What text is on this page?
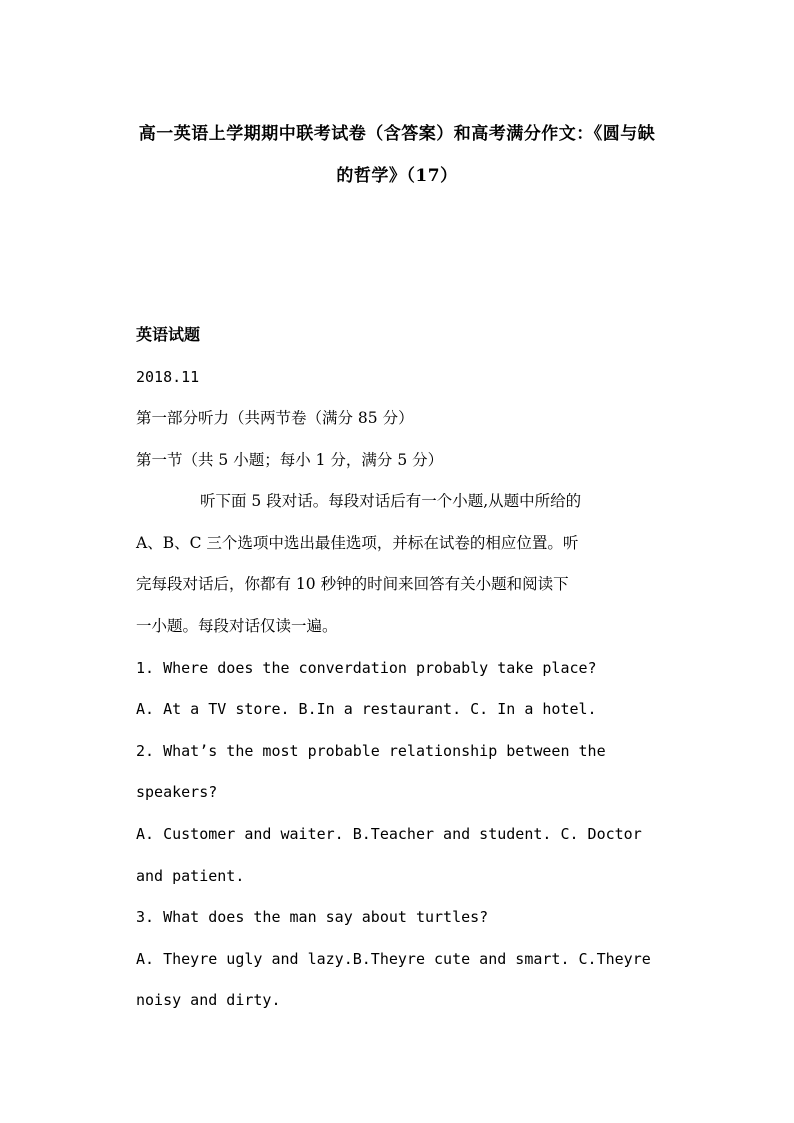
高一英语上学期期中联考试卷（含答案）和高考满分作文：《圆与缺
的哲学》（17）
英语试题
2018.11
第一部分听力（共两节卷（满分 85 分）
第一节（共 5 小题；每小 1 分，满分 5 分）
听下面 5 段对话。每段对话后有一个小题,从题中所给的
A、B、C 三个选项中选出最佳选项，并标在试卷的相应位置。听
完每段对话后，你都有 10 秒钟的时间来回答有关小题和阅读下
一小题。每段对话仅读一遍。
1. Where does the converdation probably take place?
A. At a TV store. B.In a restaurant. C. In a hotel.
2. What’s the most probable relationship between the
speakers?
A. Customer and waiter. B.Teacher and student. C. Doctor
and patient.
3. What does the man say about turtles?
A. Theyre ugly and lazy.B.Theyre cute and smart. C.Theyre
noisy and dirty.
